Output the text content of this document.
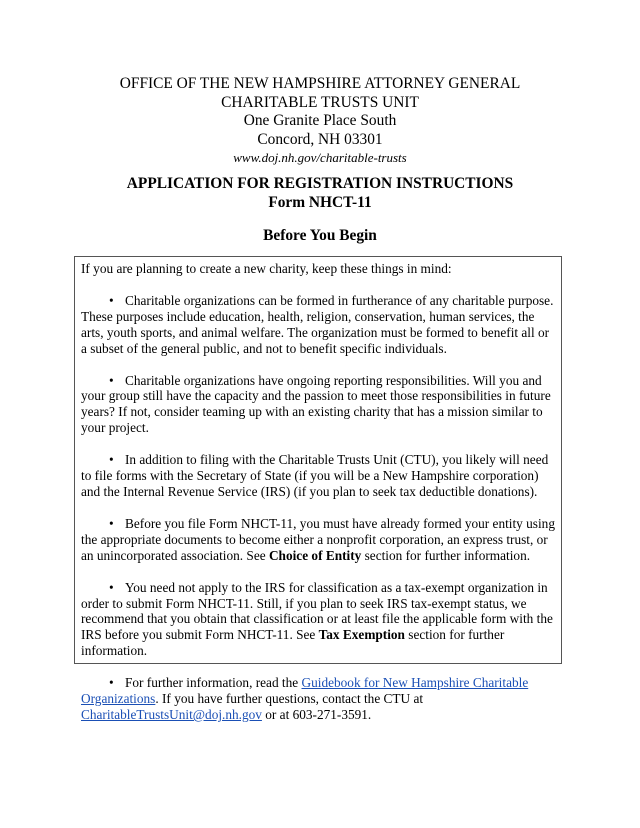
OFFICE OF THE NEW HAMPSHIRE ATTORNEY GENERAL
CHARITABLE TRUSTS UNIT
One Granite Place South
Concord, NH 03301
www.doj.nh.gov/charitable-trusts
APPLICATION FOR REGISTRATION INSTRUCTIONS
Form NHCT-11
Before You Begin

If you are planning to create a new charity, keep these things in mind:

• Charitable organizations can be formed in furtherance of any charitable purpose. These purposes include education, health, religion, conservation, human services, the arts, youth sports, and animal welfare. The organization must be formed to benefit all or a subset of the general public, and not to benefit specific individuals.

• Charitable organizations have ongoing reporting responsibilities. Will you and your group still have the capacity and the passion to meet those responsibilities in future years? If not, consider teaming up with an existing charity that has a mission similar to your project.

• In addition to filing with the Charitable Trusts Unit (CTU), you likely will need to file forms with the Secretary of State (if you will be a New Hampshire corporation) and the Internal Revenue Service (IRS) (if you plan to seek tax deductible donations).

• Before you file Form NHCT-11, you must have already formed your entity using the appropriate documents to become either a nonprofit corporation, an express trust, or an unincorporated association. See Choice of Entity section for further information.

• You need not apply to the IRS for classification as a tax-exempt organization in order to submit Form NHCT-11. Still, if you plan to seek IRS tax-exempt status, we recommend that you obtain that classification or at least file the applicable form with the IRS before you submit Form NHCT-11. See Tax Exemption section for further information.

• For further information, read the Guidebook for New Hampshire Charitable Organizations. If you have further questions, contact the CTU at CharitableTrustsUnit@doj.nh.gov or at 603-271-3591.
